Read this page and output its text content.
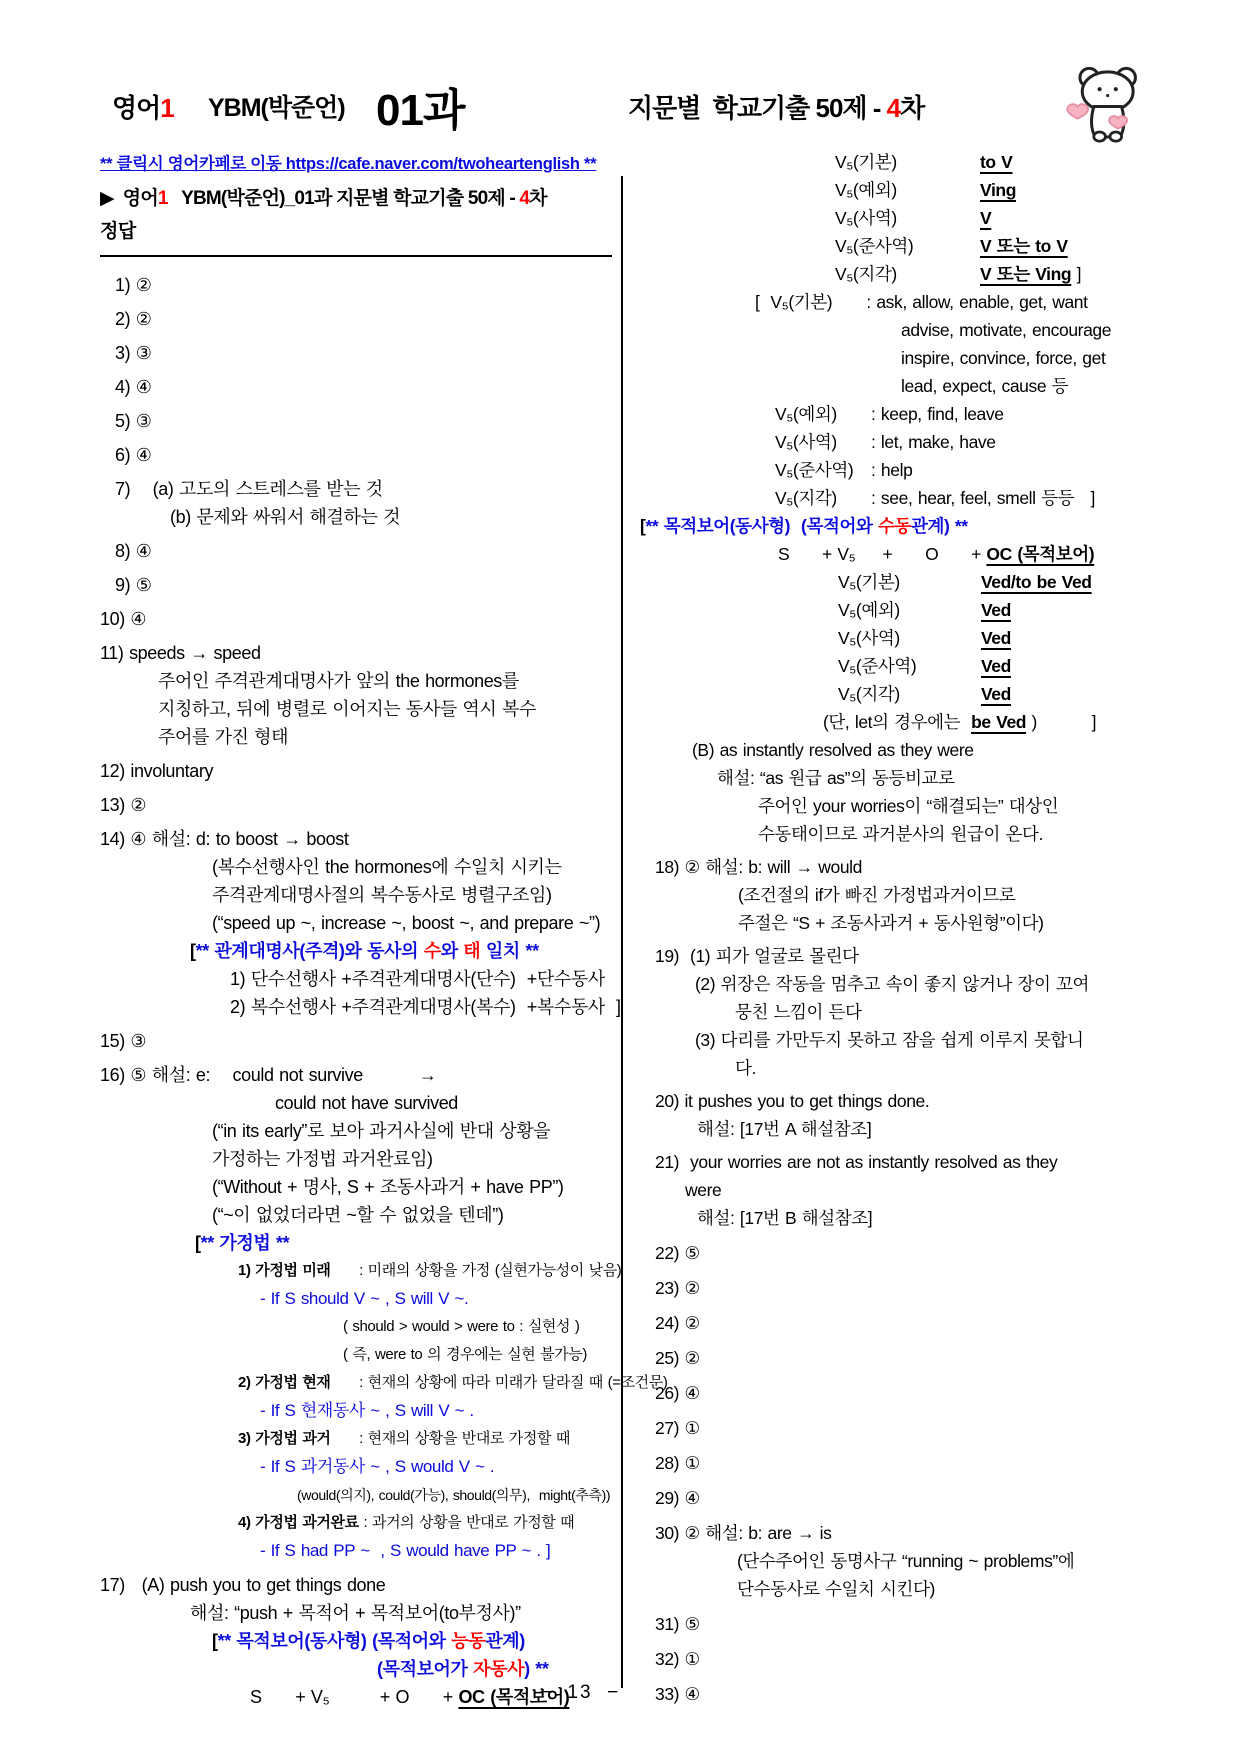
영어1 YBM(박준언) 01과	지문별  학교기출 50제 - 4차
** 클릭시 영어카페로 이동 https://cafe.naver.com/twoheartenglish **
▶  영어1   YBM(박준언)_01과 지문별 학교기출 50제 - 4차
정답
1) ②
2) ②
3) ③
4) ④
5) ③
6) ④
7)    (a) 고도의 스트레스를 받는 것
(b) 문제와 싸워서 해결하는 것
8) ④
9) ⑤
10) ④
11) speeds → speed
주어인 주격관계대명사가 앞의 the hormones를
지칭하고, 뒤에 병렬로 이어지는 동사들 역시 복수
주어를 가진 형태
12) involuntary
13) ②
14) ④ 해설: d: to boost → boost
(복수선행사인 the hormones에 수일치 시키는
주격관계대명사절의 복수동사로 병렬구조임)
(“speed up ~, increase ~, boost ~, and prepare ~”)
[** 관계대명사(주격)와 동사의 수와 태 일치 **
1) 단수선행사 +주격관계대명사(단수)  +단수동사
2) 복수선행사 +주격관계대명사(복수)  +복수동사  ]
15) ③
16) ⑤ 해설: e:    could not survive          →
could not have survived
(“in its early”로 보아 과거사실에 반대 상황을
가정하는 가정법 과거완료임)
(“Without + 명사, S + 조동사과거 + have PP”)
(“~이 없었더라면 ~할 수 없었을 텐데”)
[** 가정법 **
1) 가정법 미래      : 미래의 상황을 가정 (실현가능성이 낮음)
- If S should V ~ , S will V ~.
( should > would > were to : 실현성 )
( 즉, were to 의 경우에는 실현 불가능)
2) 가정법 현재      : 현재의 상황에 따라 미래가 달라질 때 (=조건문)
- If S 현재동사 ~ , S will V ~ .
3) 가정법 과거      : 현재의 상황을 반대로 가정할 때
- If S 과거동사 ~ , S would V ~ .
(would(의지), could(가능), should(의무),  might(추측))
4) 가정법 과거완료 : 과거의 상황을 반대로 가정할 때
- If S had PP ~  , S would have PP ~ . ]
17)   (A) push you to get things done
해설: “push + 목적어 + 목적보어(to부정사)”
[** 목적보어(동사형) (목적어와 능동관계)
(목적보어가 자동사) **
S      + V₅         + O      + OC (목적보어)
V₅(기본)	to V
V₅(예외)	Ving
V₅(사역)	V
V₅(준사역)	V 또는 to V
V₅(지각)	V 또는 Ving ]
[  V₅(기본) : ask, allow, enable, get, want
advise, motivate, encourage
inspire, convince, force, get
lead, expect, cause 등
V₅(예외) : keep, find, leave
V₅(사역) : let, make, have
V₅(준사역) : help
V₅(지각) : see, hear, feel, smell 등등   ]
[** 목적보어(동사형)  (목적어와 수동관계) **
S      + V₅     +      O      + OC (목적보어)
V₅(기본)	Ved/to be Ved
V₅(예외)	Ved
V₅(사역)	Ved
V₅(준사역)	Ved
V₅(지각)	Ved
(단, let의 경우에는  be Ved )          ]
(B) as instantly resolved as they were
해설: “as 원급 as”의 동등비교로
주어인 your worries이 “해결되는” 대상인
수동태이므로 과거분사의 원급이 온다.
18) ② 해설: b: will → would
(조건절의 if가 빠진 가정법과거이므로
주절은 “S + 조동사과거 + 동사원형”이다)
19)  (1) 피가 얼굴로 몰린다
(2) 위장은 작동을 멈추고 속이 좋지 않거나 장이 꼬여
뭉친 느낌이 든다
(3) 다리를 가만두지 못하고 잠을 쉽게 이루지 못합니
다.
20) it pushes you to get things done.
해설: [17번 A 해설참조]
21)  your worries are not as instantly resolved as they
were
해설: [17번 B 해설참조]
22) ⑤
23) ②
24) ②
25) ②
26) ④
27) ①
28) ①
29) ④
30) ② 해설: b: are → is
(단수주어인 동명사구 “running ~ problems”에
단수동사로 수일치 시킨다)
31) ⑤
32) ①
33) ④
−  13  −
